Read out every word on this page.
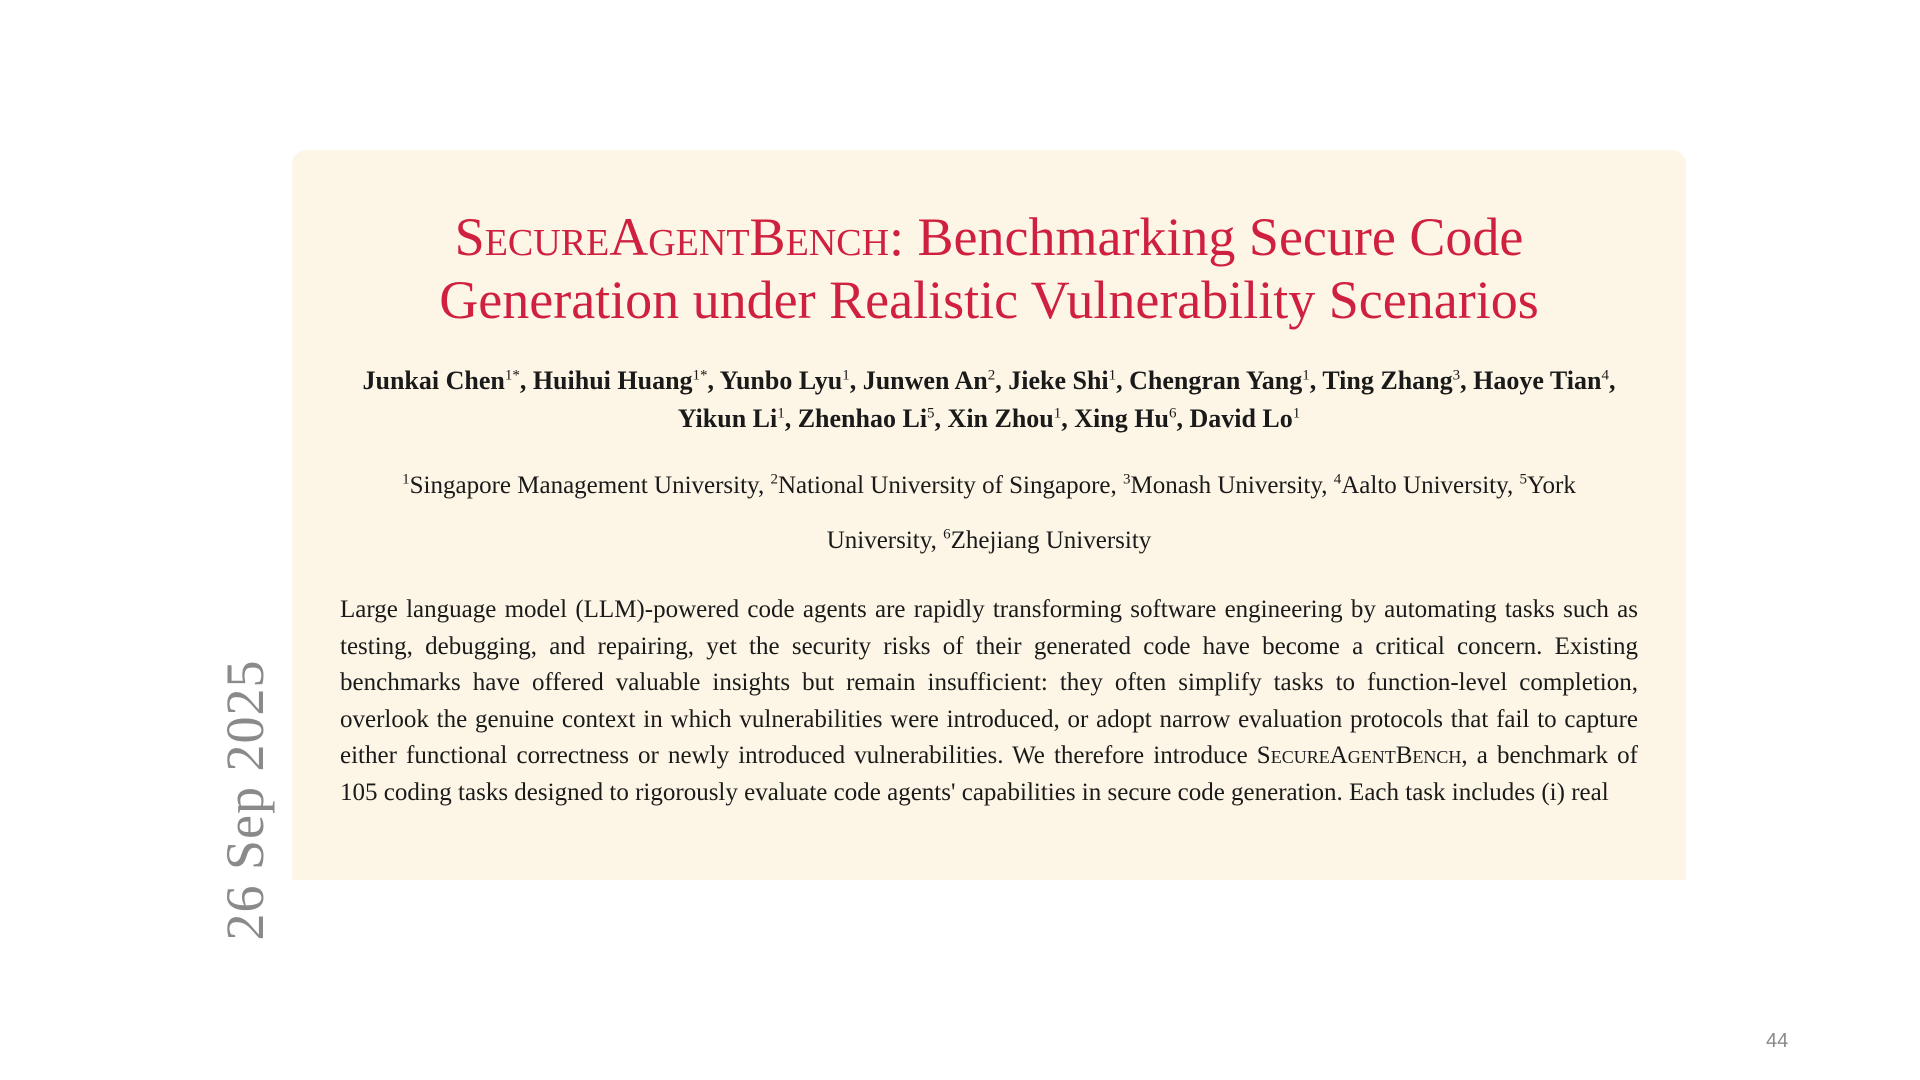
26 Sep 2025
SecureAgentBench: Benchmarking Secure Code Generation under Realistic Vulnerability Scenarios
Junkai Chen$^{1*}$, Huihui Huang$^{1*}$, Yunbo Lyu$^1$, Junwen An$^2$, Jieke Shi$^1$, Chengran Yang$^1$, Ting Zhang$^3$, Haoye Tian$^4$, Yikun Li$^1$, Zhenhao Li$^5$, Xin Zhou$^1$, Xing Hu$^6$, David Lo$^1$
$^1$Singapore Management University, $^2$National University of Singapore, $^3$Monash University, $^4$Aalto University, $^5$York University, $^6$Zhejiang University

Large language model (LLM)-powered code agents are rapidly transforming software engineering by automating tasks such as testing, debugging, and repairing, yet the security risks of their generated code have become a critical concern. Existing benchmarks have offered valuable insights but remain insufficient: they often simplify tasks to function-level completion, overlook the genuine context in which vulnerabilities were introduced, or adopt narrow evaluation protocols that fail to capture either functional correctness or newly introduced vulnerabilities. We therefore introduce SecureAgentBench, a benchmark of 105 coding tasks designed to rigorously evaluate code agents' capabilities in secure code generation. Each task includes (i) real

44
